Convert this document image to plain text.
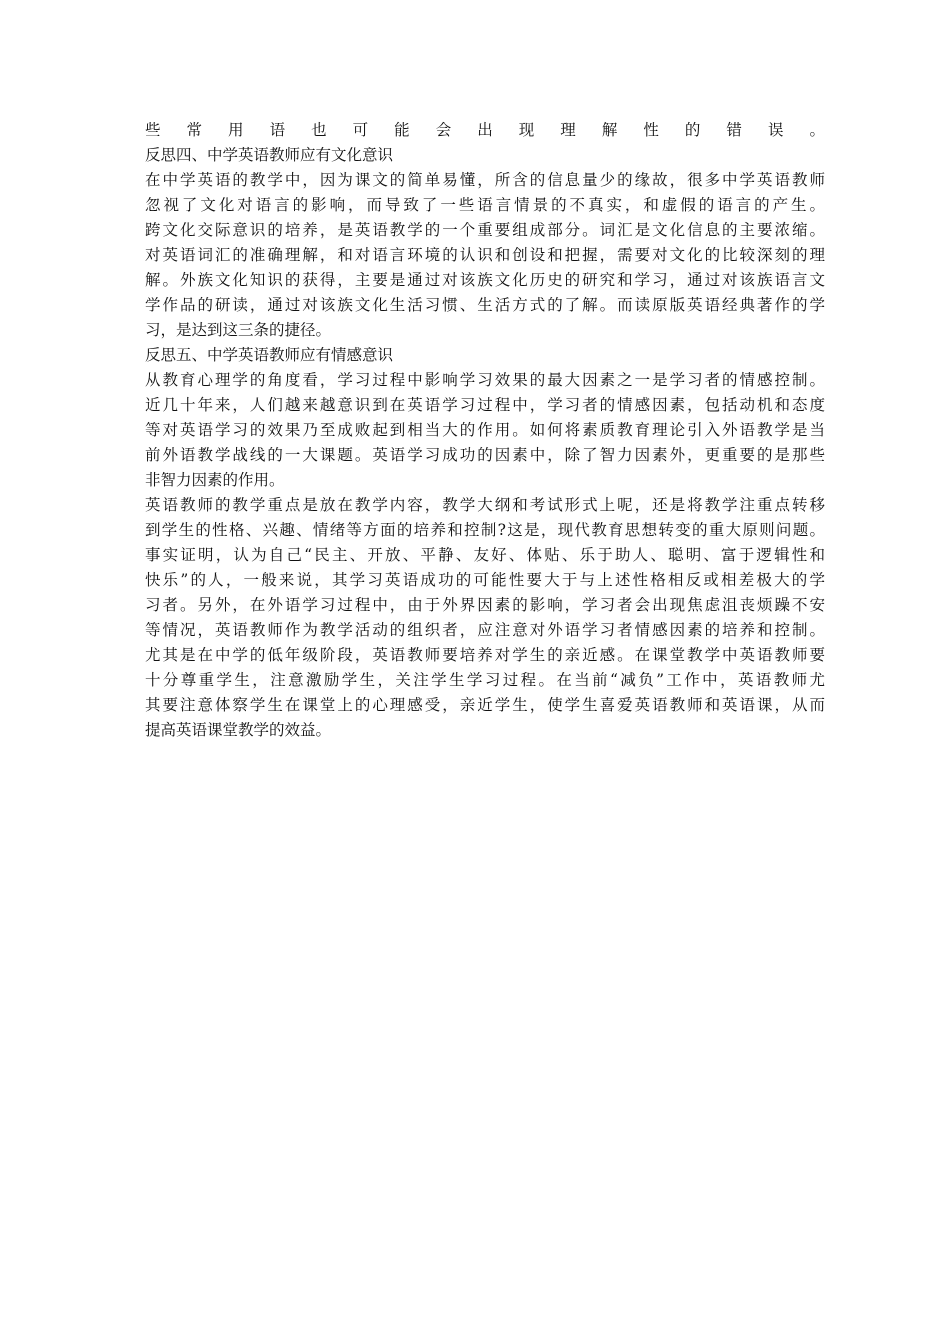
些常用语也可能会出现理解性的错误。
反思四、中学英语教师应有文化意识
在中学英语的教学中，因为课文的简单易懂，所含的信息量少的缘故，很多中学英语教师
忽视了文化对语言的影响，而导致了一些语言情景的不真实，和虚假的语言的产生。
跨文化交际意识的培养，是英语教学的一个重要组成部分。词汇是文化信息的主要浓缩。
对英语词汇的准确理解，和对语言环境的认识和创设和把握，需要对文化的比较深刻的理
解。外族文化知识的获得，主要是通过对该族文化历史的研究和学习，通过对该族语言文
学作品的研读，通过对该族文化生活习惯、生活方式的了解。而读原版英语经典著作的学
习，是达到这三条的捷径。
反思五、中学英语教师应有情感意识
从教育心理学的角度看，学习过程中影响学习效果的最大因素之一是学习者的情感控制。
近几十年来，人们越来越意识到在英语学习过程中，学习者的情感因素，包括动机和态度
等对英语学习的效果乃至成败起到相当大的作用。如何将素质教育理论引入外语教学是当
前外语教学战线的一大课题。英语学习成功的因素中，除了智力因素外，更重要的是那些
非智力因素的作用。
英语教师的教学重点是放在教学内容，教学大纲和考试形式上呢，还是将教学注重点转移
到学生的性格、兴趣、情绪等方面的培养和控制?这是，现代教育思想转变的重大原则问题。
事实证明，认为自己“民主、开放、平静、友好、体贴、乐于助人、聪明、富于逻辑性和
快乐”的人，一般来说，其学习英语成功的可能性要大于与上述性格相反或相差极大的学
习者。另外，在外语学习过程中，由于外界因素的影响，学习者会出现焦虑沮丧烦躁不安
等情况，英语教师作为教学活动的组织者，应注意对外语学习者情感因素的培养和控制。
尤其是在中学的低年级阶段，英语教师要培养对学生的亲近感。在课堂教学中英语教师要
十分尊重学生，注意激励学生，关注学生学习过程。在当前“减负”工作中，英语教师尤
其要注意体察学生在课堂上的心理感受，亲近学生，使学生喜爱英语教师和英语课，从而
提高英语课堂教学的效益。
